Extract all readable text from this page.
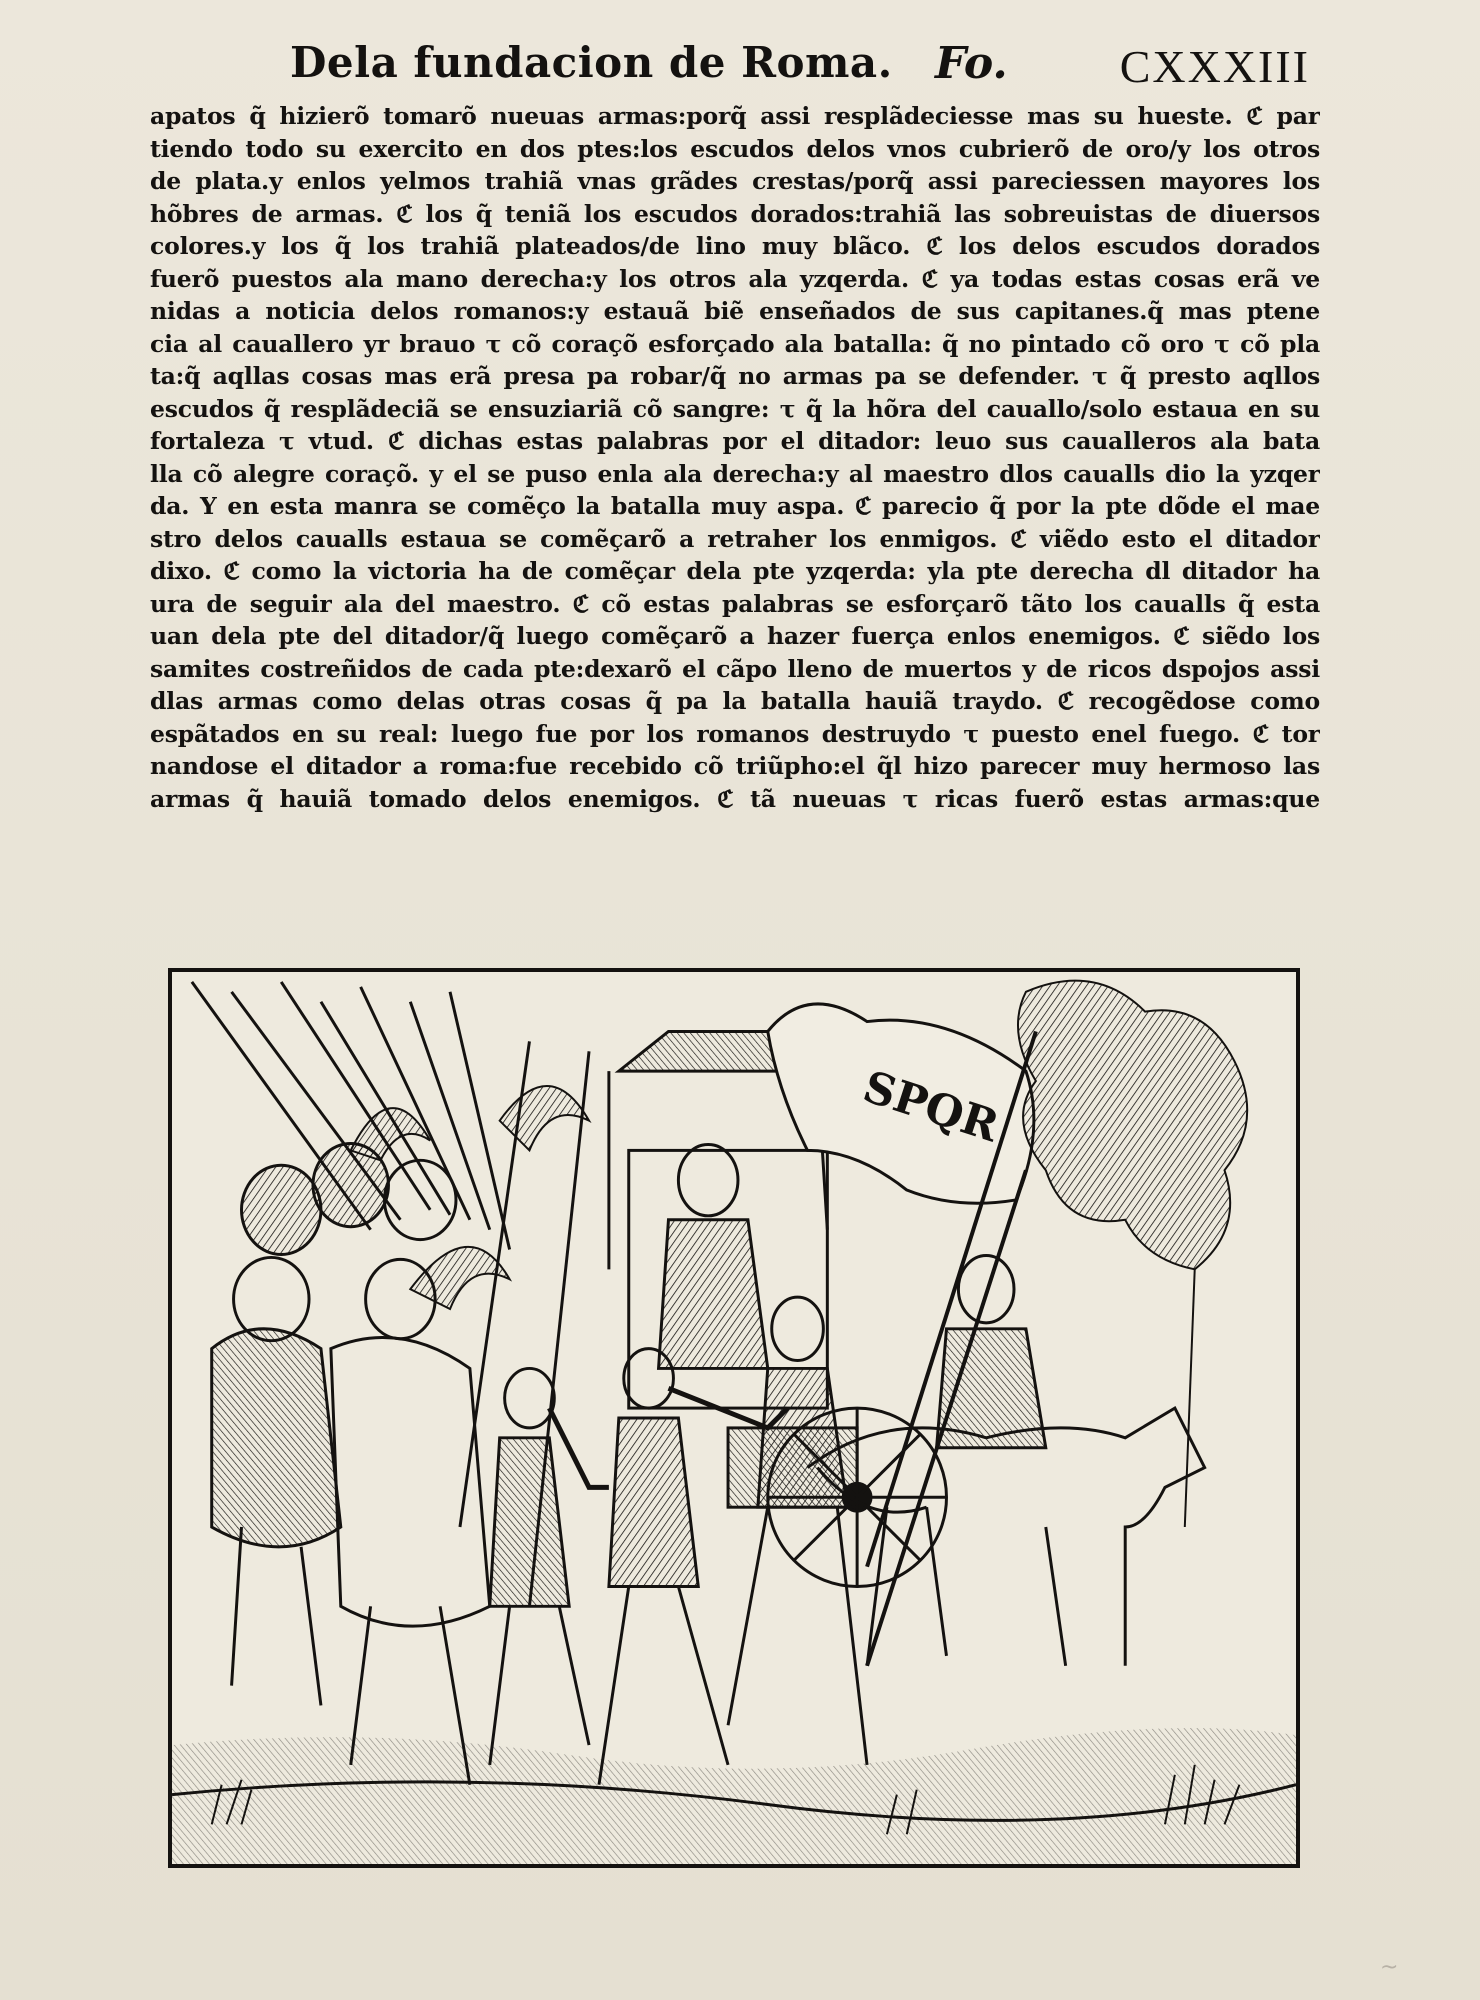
Dela fundacion de Roma. Fo. CXXXIII
apatos q̃ hizierõ tomarõ nueuas armas:porq̃ assi resplãdeciesse mas su hueste. ℭ par
tiendo todo su exercito en dos ptes:los escudos delos vnos cubrierõ de oro/y los otros
de plata.y enlos yelmos trahiã vnas grãdes crestas/porq̃ assi pareciessen mayores los
hõbres de armas. ℭ los q̃ teniã los escudos dorados:trahiã las sobreuistas de diuersos
colores.y los q̃ los trahiã plateados/de lino muy blãco. ℭ los delos escudos dorados
fuerõ puestos ala mano derecha:y los otros ala yzqerda. ℭ ya todas estas cosas erã ve
nidas a noticia delos romanos:y estauã biẽ enseñados de sus capitanes.q̃ mas ptene
cia al cauallero yr brauo τ cõ coraçõ esforçado ala batalla: q̃ no pintado cõ oro τ cõ pla
ta:q̃ aqllas cosas mas erã presa pa robar/q̃ no armas pa se defender. τ q̃ presto aqllos
escudos q̃ resplãdeciã se ensuziariã cõ sangre: τ q̃ la hõra del cauallo/solo estaua en su
fortaleza τ vtud. ℭ dichas estas palabras por el ditador: leuo sus caualleros ala bata
lla cõ alegre coraçõ. y el se puso enla ala derecha:y al maestro dlos caualls dio la yzqer
da. Y en esta manra se comẽço la batalla muy aspa. ℭ parecio q̃ por la pte dõde el mae
stro delos caualls estaua se comẽçarõ a retraher los enmigos. ℭ viẽdo esto el ditador
dixo. ℭ como la victoria ha de comẽçar dela pte yzqerda: yla pte derecha dl ditador ha
ura de seguir ala del maestro. ℭ cõ estas palabras se esforçarõ tãto los caualls q̃ esta
uan dela pte del ditador/q̃ luego comẽçarõ a hazer fuerça enlos enemigos. ℭ siẽdo los
samites costreñidos de cada pte:dexarõ el cãpo lleno de muertos y de ricos dspojos assi
dlas armas como delas otras cosas q̃ pa la batalla hauiã traydo. ℭ recogẽdose como
espãtados en su real: luego fue por los romanos destruydo τ puesto enel fuego. ℭ tor
nandose el ditador a roma:fue recebido cõ triũpho:el q̃l hizo parecer muy hermoso las
armas q̃ hauiã tomado delos enemigos. ℭ tã nueuas τ ricas fuerõ estas armas:que
SPQR
~
